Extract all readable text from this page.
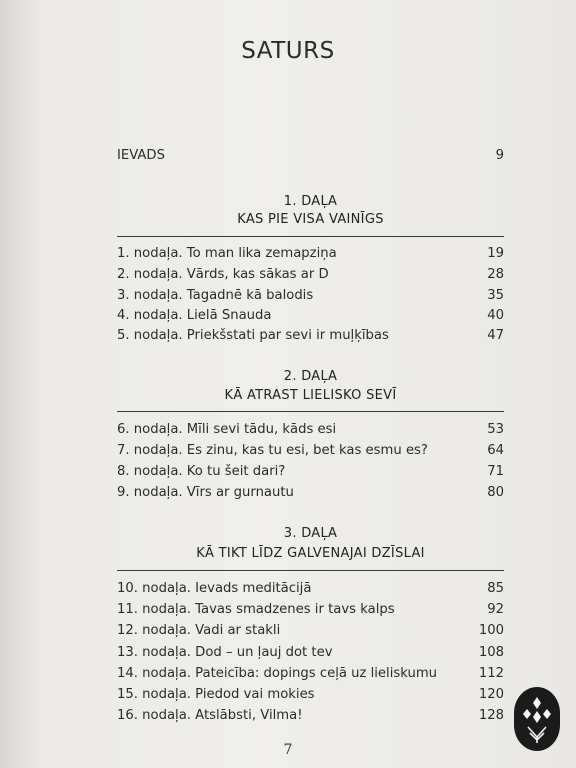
SATURS
IEVADS	9
1. DAĻA
KAS PIE VISA VAINĪGS
1. nodaļa. To man lika zemapziņa	19
2. nodaļa. Vārds, kas sākas ar D	28
3. nodaļa. Tagadnē kā balodis	35
4. nodaļa. Lielā Snauda	40
5. nodaļa. Priekšstati par sevi ir muļķības	47
2. DAĻA
KĀ ATRAST LIELISKO SEVĪ
6. nodaļa. Mīli sevi tādu, kāds esi	53
7. nodaļa. Es zinu, kas tu esi, bet kas esmu es?	64
8. nodaļa. Ko tu šeit dari?	71
9. nodaļa. Vīrs ar gurnautu	80
3. DAĻA
KĀ TIKT LĪDZ GALVENAJAI DZĪSLAI
10. nodaļa. Ievads meditācijā	85
11. nodaļa. Tavas smadzenes ir tavs kalps	92
12. nodaļa. Vadi ar stakli	100
13. nodaļa. Dod – un ļauj dot tev	108
14. nodaļa. Pateicība: dopings ceļā uz lieliskumu	112
15. nodaļa. Piedod vai mokies	120
16. nodaļa. Atslābsti, Vilma!	128
7
